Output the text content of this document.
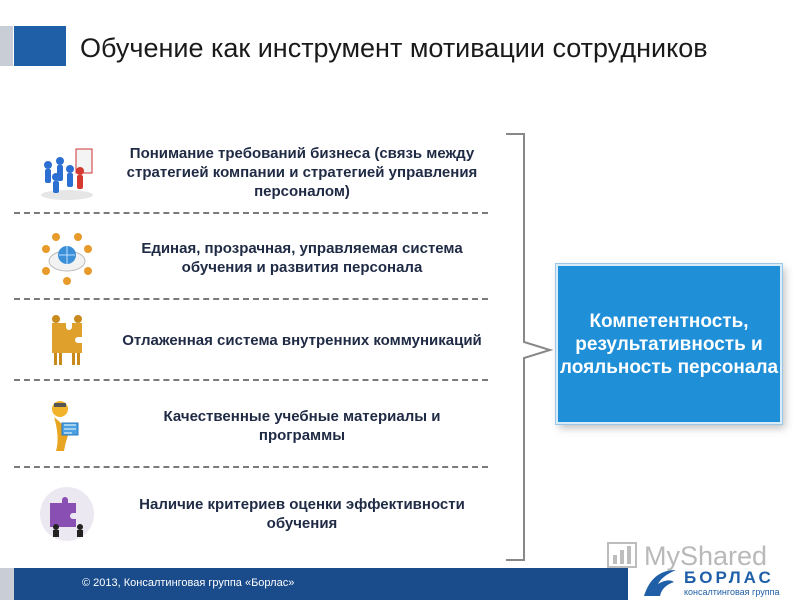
Обучение как инструмент мотивации сотрудников
Понимание требований бизнеса (связь между стратегией компании и стратегией управления персоналом)
Единая, прозрачная, управляемая система обучения и развития персонала
Отлаженная система внутренних коммуникаций
Качественные учебные материалы и программы
Наличие критериев оценки эффективности обучения
Компетентность, результативность и лояльность персонала
MyShared
© 2013, Консалтинговая группа «Борлас»	БОРЛАС
консалтинговая группа
